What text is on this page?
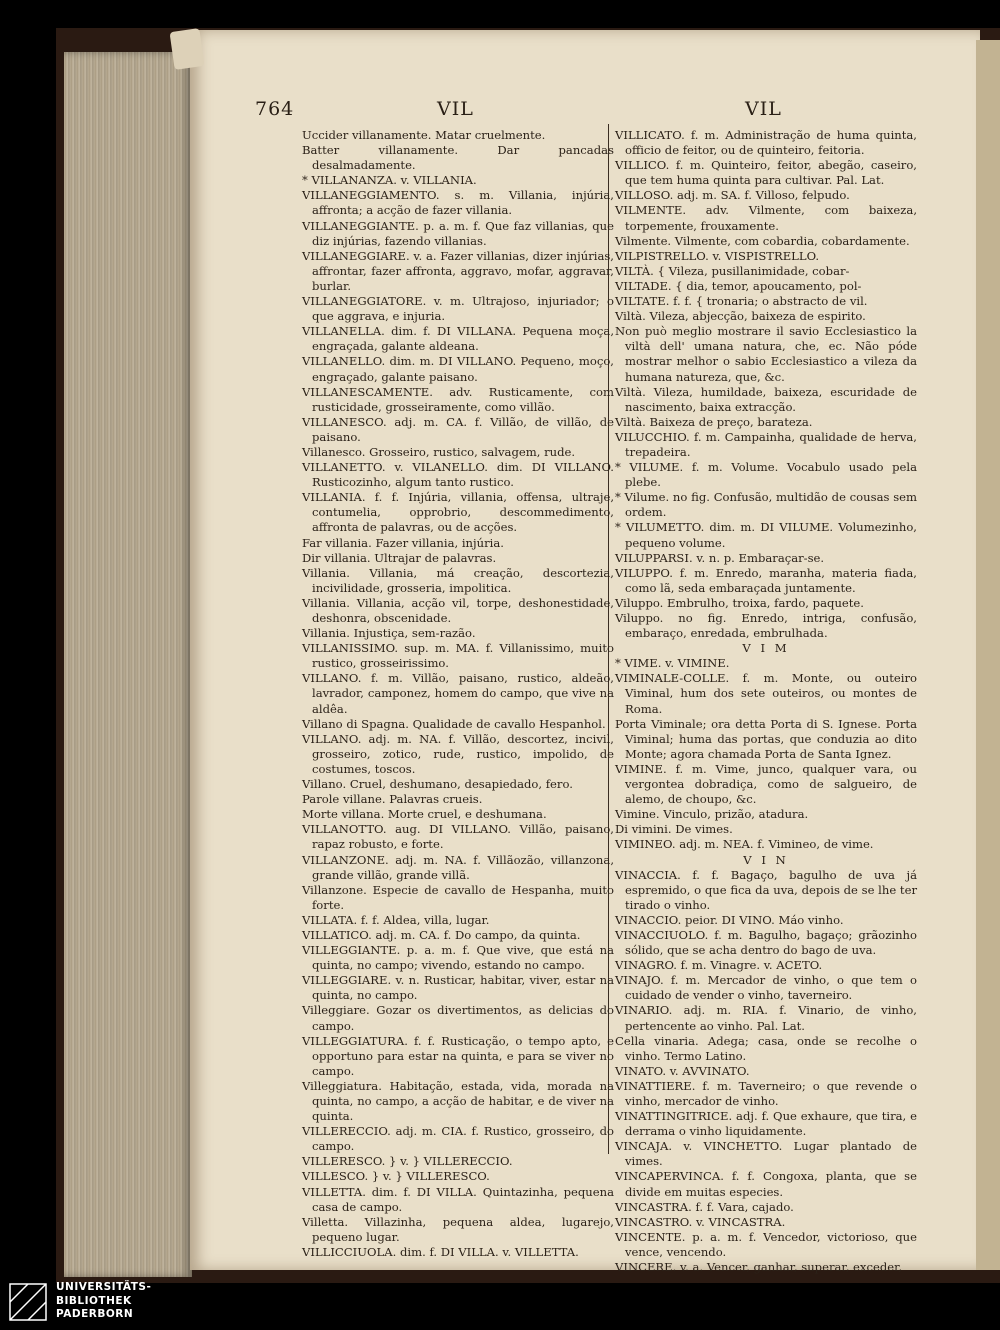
764	VIL	VIL

Uccider villanamente. Matar cruelmente.

Batter villanamente. Dar pancadas desalmadamente.

* VILLANANZA. v. VILLANIA.

VILLANEGGIAMENTO. s. m. Villania, injúria, affronta; a acção de fazer villania.

VILLANEGGIANTE. p. a. m. f. Que faz villanias, que diz injúrias, fazendo villanias.

VILLANEGGIARE. v. a. Fazer villanias, dizer injúrias, affrontar, fazer affronta, aggravo, mofar, aggravar, burlar.

VILLANEGGIATORE. v. m. Ultrajoso, injuriador; o que aggrava, e injuria.

VILLANELLA. dim. f. DI VILLANA. Pequena moça, engraçada, galante aldeana.

VILLANELLO. dim. m. DI VILLANO. Pequeno, moço, engraçado, galante paisano.

VILLANESCAMENTE. adv. Rusticamente, com rusticidade, grosseiramente, como villão.

VILLANESCO. adj. m. CA. f. Villão, de villão, de paisano.

Villanesco. Grosseiro, rustico, salvagem, rude.

VILLANETTO. v. VILANELLO. dim. DI VILLANO. Rusticozinho, algum tanto rustico.

VILLANIA. f. f. Injúria, villania, offensa, ultraje, contumelia, opprobrio, descommedimento, affronta de palavras, ou de acções.

Far villania. Fazer villania, injúria.

Dir villania. Ultrajar de palavras.

Villania. Villania, má creação, descortezia, incivilidade, grosseria, impolitica.

Villania. Villania, acção vil, torpe, deshonestidade, deshonra, obscenidade.

Villania. Injustiça, sem-razão.

VILLANISSIMO. sup. m. MA. f. Villanissimo, muito rustico, grosseirissimo.

VILLANO. f. m. Villão, paisano, rustico, aldeão, lavrador, camponez, homem do campo, que vive na aldêa.

Villano di Spagna. Qualidade de cavallo Hespanhol.

VILLANO. adj. m. NA. f. Villão, descortez, incivil, grosseiro, zotico, rude, rustico, impolido, de costumes, toscos.

Villano. Cruel, deshumano, desapiedado, fero.

Parole villane. Palavras crueis.

Morte villana. Morte cruel, e deshumana.

VILLANOTTO. aug. DI VILLANO. Villão, paisano, rapaz robusto, e forte.

VILLANZONE. adj. m. NA. f. Villãozão, villanzona, grande villão, grande villã.

Villanzone. Especie de cavallo de Hespanha, muito forte.

VILLATA. f. f. Aldea, villa, lugar.

VILLATICO. adj. m. CA. f. Do campo, da quinta.

VILLEGGIANTE. p. a. m. f. Que vive, que está na quinta, no campo; vivendo, estando no campo.

VILLEGGIARE. v. n. Rusticar, habitar, viver, estar na quinta, no campo.

Villeggiare. Gozar os divertimentos, as delicias do campo.

VILLEGGIATURA. f. f. Rusticação, o tempo apto, e opportuno para estar na quinta, e para se viver no campo.

Villeggiatura. Habitação, estada, vida, morada na quinta, no campo, a acção de habitar, e de viver na quinta.

VILLERECCIO. adj. m. CIA. f. Rustico, grosseiro, do campo.

VILLERESCO. } v. } VILLERECCIO.

VILLESCO. } v. } VILLERESCO.

VILLETTA. dim. f. DI VILLA. Quintazinha, pequena casa de campo.

Villetta. Villazinha, pequena aldea, lugarejo, pequeno lugar.

VILLICCIUOLA. dim. f. DI VILLA. v. VILLETTA.

VILLICATO. f. m. Administração de huma quinta, officio de feitor, ou de quinteiro, feitoria.

VILLICO. f. m. Quinteiro, feitor, abegão, caseiro, que tem huma quinta para cultivar. Pal. Lat.

VILLOSO. adj. m. SA. f. Villoso, felpudo.

VILMENTE. adv. Vilmente, com baixeza, torpemente, frouxamente.

Vilmente. Vilmente, com cobardia, cobardamente.

VILPISTRELLO. v. VISPISTRELLO.

VILTÀ. { Vileza, pusillanimidade, cobar-

VILTADE. { dia, temor, apoucamento, pol-

VILTATE. f. f. { tronaria; o abstracto de vil.

Viltà. Vileza, abjecção, baixeza de espirito.

Non può meglio mostrare il savio Ecclesiastico la viltà dell' umana natura, che, ec. Não póde mostrar melhor o sabio Ecclesiastico a vileza da humana natureza, que, &c.

Viltà. Vileza, humildade, baixeza, escuridade de nascimento, baixa extracção.

Viltà. Baixeza de preço, barateza.

VILUCCHIO. f. m. Campainha, qualidade de herva, trepadeira.

* VILUME. f. m. Volume. Vocabulo usado pela plebe.

* Vilume. no fig. Confusão, multidão de cousas sem ordem.

* VILUMETTO. dim. m. DI VILUME. Volumezinho, pequeno volume.

VILUPPARSI. v. n. p. Embaraçar-se.

VILUPPO. f. m. Enredo, maranha, materia fiada, como lã, seda embaraçada juntamente.

Viluppo. Embrulho, troixa, fardo, paquete.

Viluppo. no fig. Enredo, intriga, confusão, embaraço, enredada, embrulhada.

V I M

* VIME. v. VIMINE.

VIMINALE-COLLE. f. m. Monte, ou outeiro Viminal, hum dos sete outeiros, ou montes de Roma.

Porta Viminale; ora detta Porta di S. Ignese. Porta Viminal; huma das portas, que conduzia ao dito Monte; agora chamada Porta de Santa Ignez.

VIMINE. f. m. Vime, junco, qualquer vara, ou vergontea dobradiça, como de salgueiro, de alemo, de choupo, &c.

Vimine. Vinculo, prizão, atadura.

Di vimini. De vimes.

VIMINEO. adj. m. NEA. f. Vimineo, de vime.

V I N

VINACCIA. f. f. Bagaço, bagulho de uva já espremido, o que fica da uva, depois de se lhe ter tirado o vinho.

VINACCIO. peior. DI VINO. Máo vinho.

VINACCIUOLO. f. m. Bagulho, bagaço; grãozinho sólido, que se acha dentro do bago de uva.

VINAGRO. f. m. Vinagre. v. ACETO.

VINAJO. f. m. Mercador de vinho, o que tem o cuidado de vender o vinho, taverneiro.

VINARIO. adj. m. RIA. f. Vinario, de vinho, pertencente ao vinho. Pal. Lat.

Cella vinaria. Adega; casa, onde se recolhe o vinho. Termo Latino.

VINATO. v. AVVINATO.

VINATTIERE. f. m. Taverneiro; o que revende o vinho, mercador de vinho.

VINATTINGITRICE. adj. f. Que exhaure, que tira, e derrama o vinho liquidamente.

VINCAJA. v. VINCHETTO. Lugar plantado de vimes.

VINCAPERVINCA. f. f. Congoxa, planta, que se divide em muitas especies.

VINCASTRA. f. f. Vara, cajado.

VINCASTRO. v. VINCASTRA.

VINCENTE. p. a. m. f. Vencedor, victorioso, que vence, vencendo.

VINCERE. v. a. Vencer, ganhar, superar, exceder,

UNIVERSITÄTS-
BIBLIOTHEK
PADERBORN
